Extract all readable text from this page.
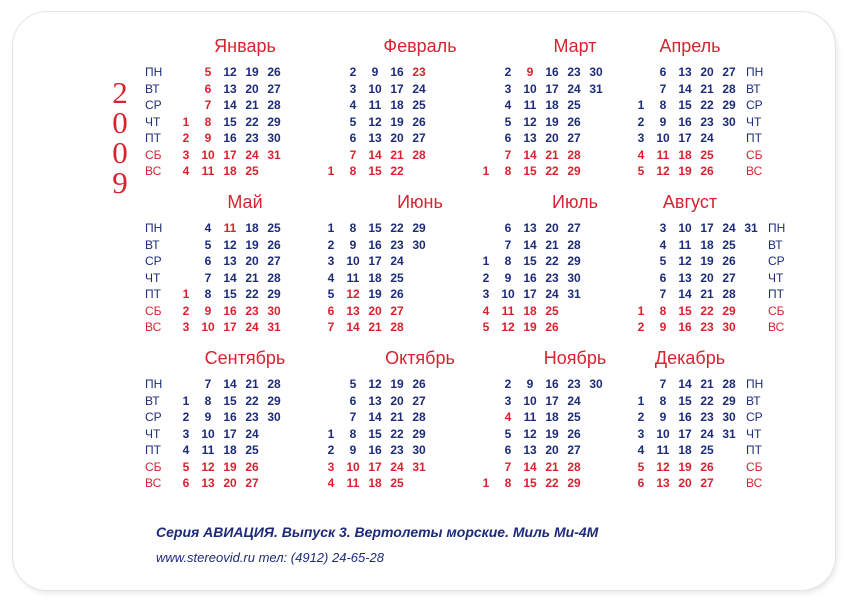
2
0
0
9
Январь
ПН
ВТ
СР
ЧТ
ПТ
СБ
ВС
1
2
3
4
5
6
7
8
9
10
11
12
13
14
15
16
17
18
19
20
21
22
23
24
25
26
27
28
29
30
31
Февраль
1
2
3
4
5
6
7
8
9
10
11
12
13
14
15
16
17
18
19
20
21
22
23
24
25
26
27
28
Март
1
2
3
4
5
6
7
8
9
10
11
12
13
14
15
16
17
18
19
20
21
22
23
24
25
26
27
28
29
30
31
Апрель
1
2
3
4
5
6
7
8
9
10
11
12
13
14
15
16
17
18
19
20
21
22
23
24
25
26
27
28
29
30
ПН
ВТ
СР
ЧТ
ПТ
СБ
ВС
Май
ПН
ВТ
СР
ЧТ
ПТ
СБ
ВС
1
2
3
4
5
6
7
8
9
10
11
12
13
14
15
16
17
18
19
20
21
22
23
24
25
26
27
28
29
30
31
Июнь
1
2
3
4
5
6
7
8
9
10
11
12
13
14
15
16
17
18
19
20
21
22
23
24
25
26
27
28
29
30
Июль
1
2
3
4
5
6
7
8
9
10
11
12
13
14
15
16
17
18
19
20
21
22
23
24
25
26
27
28
29
30
31
Август
1
2
3
4
5
6
7
8
9
10
11
12
13
14
15
16
17
18
19
20
21
22
23
24
25
26
27
28
29
30
31 ПН
ВТ
СР
ЧТ
ПТ
СБ
ВС
Сентябрь
ПН
ВТ
СР
ЧТ
ПТ
СБ
ВС
1
2
3
4
5
6
7
8
9
10
11
12
13
14
15
16
17
18
19
20
21
22
23
24
25
26
27
28
29
30
Октябрь
1
2
3
4
5
6
7
8
9
10
11
12
13
14
15
16
17
18
19
20
21
22
23
24
25
26
27
28
29
30
31
Ноябрь
1
2
3
4
5
6
7
8
9
10
11
12
13
14
15
16
17
18
19
20
21
22
23
24
25
26
27
28
29
30
Декабрь
1
2
3
4
5
6
7
8
9
10
11
12
13
14
15
16
17
18
19
20
21
22
23
24
25
26
27
28
29
30
31
ПН
ВТ
СР
ЧТ
ПТ
СБ
ВС
Серия АВИАЦИЯ. Выпуск 3. Вертолеты морские. Миль Ми-4М
www.stereovid.ru тел: (4912) 24-65-28
